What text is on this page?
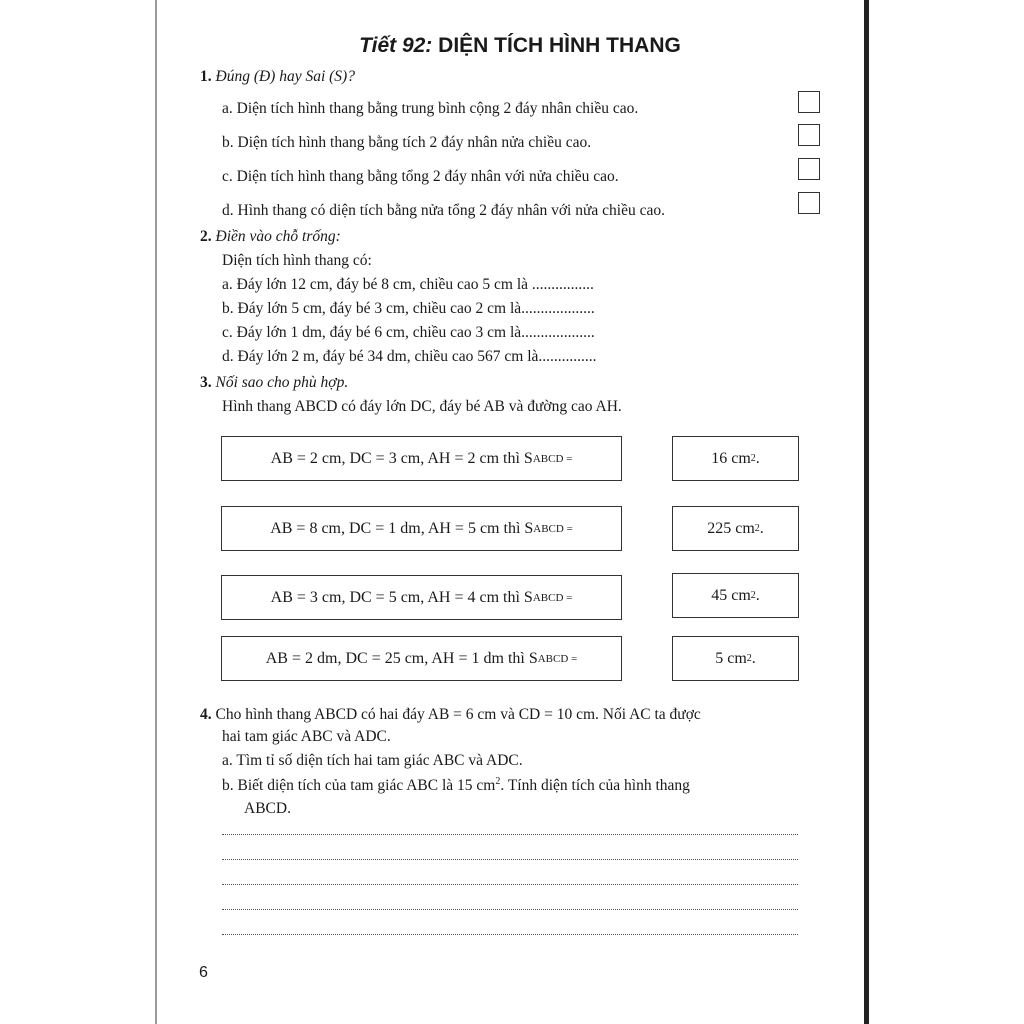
Tiết 92: DIỆN TÍCH HÌNH THANG
1. Đúng (Đ) hay Sai (S)?
a. Diện tích hình thang bằng trung bình cộng 2 đáy nhân chiều cao.
b. Diện tích hình thang bằng tích 2 đáy nhân nửa chiều cao.
c. Diện tích hình thang bằng tổng 2 đáy nhân với nửa chiều cao.
d. Hình thang có diện tích bằng nửa tổng 2 đáy nhân với nửa chiều cao.
2. Điền vào chỗ trống:
Diện tích hình thang có:
a. Đáy lớn 12 cm, đáy bé 8 cm, chiều cao 5 cm là ................
b. Đáy lớn 5 cm, đáy bé 3 cm, chiều cao 2 cm là...................
c. Đáy lớn 1 dm, đáy bé 6 cm, chiều cao 3 cm là...................
d. Đáy lớn 2 m, đáy bé 34 dm, chiều cao 567 cm là...............
3. Nối sao cho phù hợp.
Hình thang ABCD có đáy lớn DC, đáy bé AB và đường cao AH.
AB = 2 cm, DC = 3 cm, AH = 2 cm thì S ABCD =
AB = 8 cm, DC = 1 dm, AH = 5 cm thì S ABCD =
AB = 3 cm, DC = 5 cm, AH = 4 cm thì S ABCD =
AB = 2 dm, DC = 25 cm, AH = 1 dm thì S ABCD =
16 cm 2 .
225 cm 2 .
45 cm 2 .
5 cm 2 .
4. Cho hình thang ABCD có hai đáy AB = 6 cm và CD = 10 cm. Nối AC ta được
hai tam giác ABC và ADC.
a. Tìm tỉ số diện tích hai tam giác ABC và ADC.
b. Biết diện tích của tam giác ABC là 15 $cm^2$. Tính diện tích của hình thang
ABCD.
6
